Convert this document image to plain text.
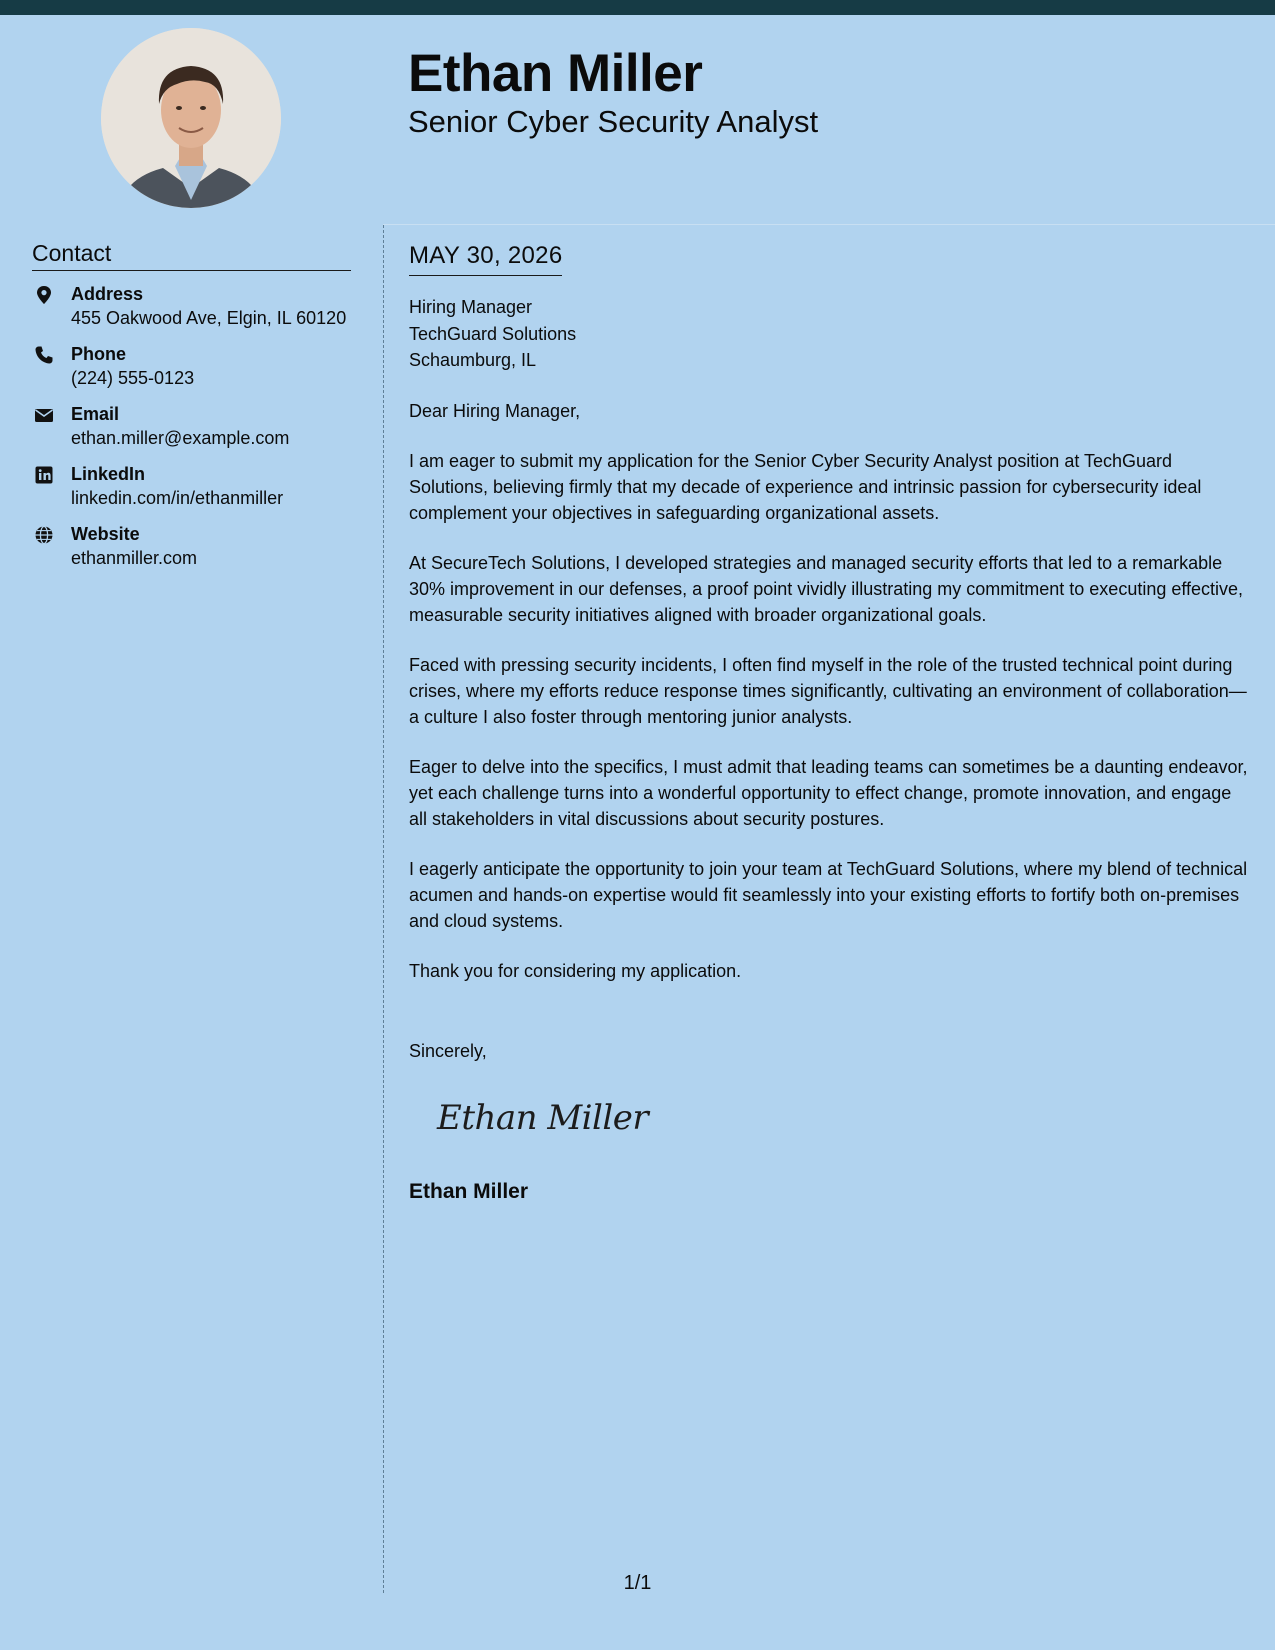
Ethan Miller
Senior Cyber Security Analyst
Contact
Address
455 Oakwood Ave, Elgin, IL 60120
Phone
(224) 555-0123
Email
ethan.miller@example.com
LinkedIn
linkedin.com/in/ethanmiller
Website
ethanmiller.com
MAY 30, 2026
Hiring Manager
TechGuard Solutions
Schaumburg, IL

Dear Hiring Manager,

I am eager to submit my application for the Senior Cyber Security Analyst position at TechGuard Solutions, believing firmly that my decade of experience and intrinsic passion for cybersecurity ideal complement your objectives in safeguarding organizational assets.

At SecureTech Solutions, I developed strategies and managed security efforts that led to a remarkable 30% improvement in our defenses, a proof point vividly illustrating my commitment to executing effective, measurable security initiatives aligned with broader organizational goals.

Faced with pressing security incidents, I often find myself in the role of the trusted technical point during crises, where my efforts reduce response times significantly, cultivating an environment of collaboration—a culture I also foster through mentoring junior analysts.

Eager to delve into the specifics, I must admit that leading teams can sometimes be a daunting endeavor, yet each challenge turns into a wonderful opportunity to effect change, promote innovation, and engage all stakeholders in vital discussions about security postures.

I eagerly anticipate the opportunity to join your team at TechGuard Solutions, where my blend of technical acumen and hands-on expertise would fit seamlessly into your existing efforts to fortify both on-premises and cloud systems.

Thank you for considering my application.

Sincerely,

Ethan Miller
Ethan Miller
1/1
